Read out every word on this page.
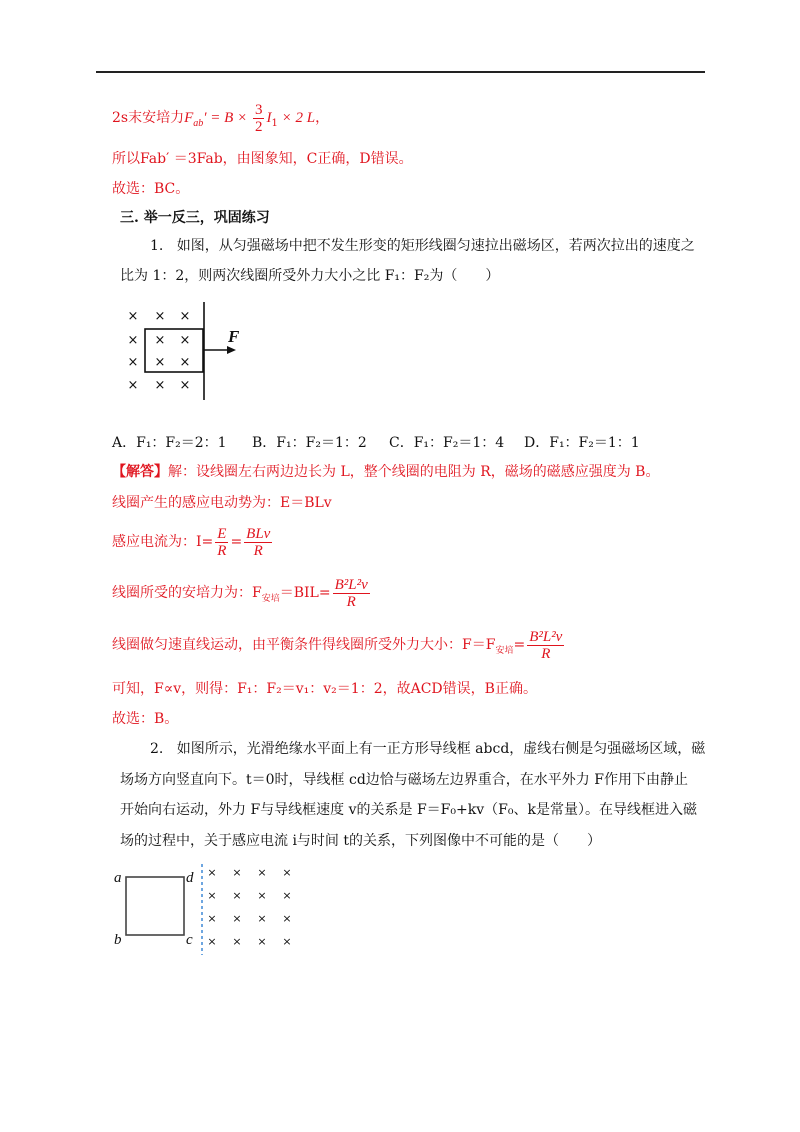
2s末安培力$F_{ab}' = B \times \frac{3}{2} I_1 \times 2$ L，
所以Fab′ ＝3Fab，由图象知，C正确，D错误。
故选：BC。
三. 举一反三，巩固练习
1. 如图，从匀强磁场中把不发生形变的矩形线圈匀速拉出磁场区，若两次拉出的速度之
比为 1：2，则两次线圈所受外力大小之比 F₁：F₂为（　　）
× × ×
× × ×
× × ×
× × ×
F
A．F₁：F₂＝2：1 B．F₁：F₂＝1：2 C．F₁：F₂＝1：4 D．F₁：F₂＝1：1
【解答】解：设线圈左右两边边长为 L，整个线圈的电阻为 R，磁场的磁感应强度为 B。
线圈产生的感应电动势为：E＝BLv
感应电流为：$I= \frac{E}{R} = \frac{\text{BLv}}{R}$
线圈所受的安培力为：$F_{安培}=BIL= \frac{\text{B²L²v}}{R}$
线圈做匀速直线运动，由平衡条件得线圈所受外力大小：$F=F_{安培}= \frac{\text{B²L²v}}{R}$
可知，F∝v，则得：F₁：F₂＝v₁：v₂＝1：2，故ACD错误，B正确。
故选：B。
2. 如图所示，光滑绝缘水平面上有一正方形导线框 abcd，虚线右侧是匀强磁场区域，磁
场场方向竖直向下。t＝0时，导线框 cd边恰与磁场左边界重合，在水平外力 F作用下由静止
开始向右运动，外力 F与导线框速度 v的关系是 F＝F₀+kv（F₀、k是常量）。在导线框进入磁
场的过程中，关于感应电流 i与时间 t的关系，下列图像中不可能的是（　　）
a	d
b	c
× × × ×
× × × ×
× × × ×
× × × ×
